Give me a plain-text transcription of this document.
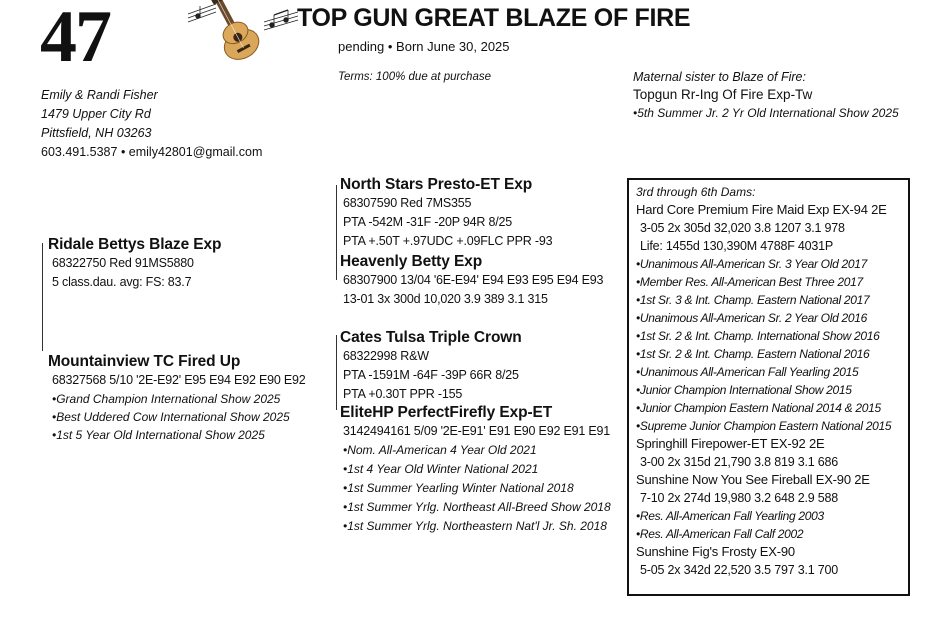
47	TOP GUN GREAT BLAZE OF FIRE
pending • Born June 30, 2025
Terms: 100% due at purchase
Emily & Randi Fisher
1479 Upper City Rd
Pittsfield, NH 03263
603.491.5387 • emily42801@gmail.com
Maternal sister to Blaze of Fire:
Topgun Rr-Ing Of Fire Exp-Tw
•5th Summer Jr. 2 Yr Old International Show 2025
Ridale Bettys Blaze Exp
68322750 Red 91MS5880
5 class.dau. avg: FS: 83.7
Mountainview TC Fired Up
68327568 5/10 '2E-E92' E95 E94 E92 E90 E92
•Grand Champion International Show 2025
•Best Uddered Cow International Show 2025
•1st 5 Year Old International Show 2025
North Stars Presto-ET Exp
68307590 Red 7MS355
PTA -542M -31F -20P 94R 8/25
PTA +.50T +.97UDC +.09FLC PPR -93
Heavenly Betty Exp
68307900 13/04 '6E-E94' E94 E93 E95 E94 E93
13-01 3x 300d 10,020 3.9 389 3.1 315
Cates Tulsa Triple Crown
68322998 R&W
PTA -1591M -64F -39P 66R 8/25
PTA +0.30T PPR -155
EliteHP PerfectFirefly Exp-ET
3142494161 5/09 '2E-E91' E91 E90 E92 E91 E91
•Nom. All-American 4 Year Old 2021
•1st 4 Year Old Winter National 2021
•1st Summer Yearling Winter National 2018
•1st Summer Yrlg. Northeast All-Breed Show 2018
•1st Summer Yrlg. Northeastern Nat'l Jr. Sh. 2018
3rd through 6th Dams:
Hard Core Premium Fire Maid Exp EX-94 2E
3-05 2x 305d 32,020 3.8 1207 3.1 978
Life: 1455d 130,390M 4788F 4031P
•Unanimous All-American Sr. 3 Year Old 2017
•Member Res. All-American Best Three 2017
•1st Sr. 3 & Int. Champ. Eastern National 2017
•Unanimous All-American Sr. 2 Year Old 2016
•1st Sr. 2 & Int. Champ. International Show 2016
•1st Sr. 2 & Int. Champ. Eastern National 2016
•Unanimous All-American Fall Yearling 2015
•Junior Champion International Show 2015
•Junior Champion Eastern National 2014 & 2015
•Supreme Junior Champion Eastern National 2015
Springhill Firepower-ET EX-92 2E
3-00 2x 315d 21,790 3.8 819 3.1 686
Sunshine Now You See Fireball EX-90 2E
7-10 2x 274d 19,980 3.2 648 2.9 588
•Res. All-American Fall Yearling 2003
•Res. All-American Fall Calf 2002
Sunshine Fig's Frosty EX-90
5-05 2x 342d 22,520 3.5 797 3.1 700
